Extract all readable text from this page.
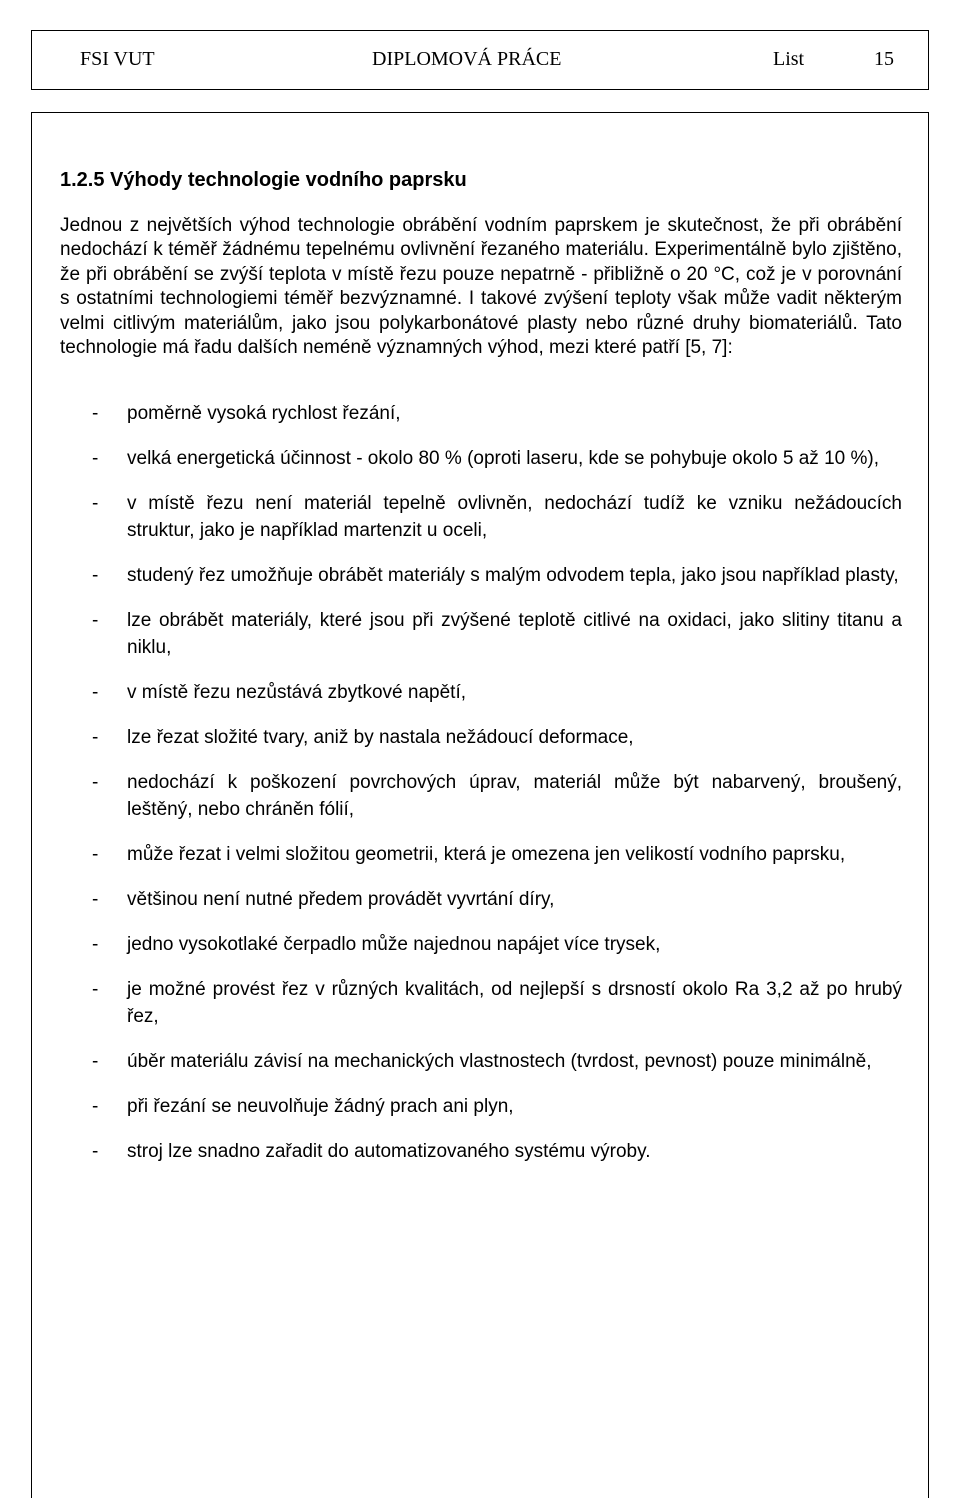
FSI VUT	DIPLOMOVÁ PRÁCE	List	15
1.2.5 Výhody technologie vodního paprsku

Jednou z největších výhod technologie obrábění vodním paprskem je skutečnost, že při obrábění nedochází k téměř žádnému tepelnému ovlivnění řezaného materiálu. Experimentálně bylo zjištěno, že při obrábění se zvýší teplota v místě řezu pouze nepatrně - přibližně o 20 °C, což je v porovnání s ostatními technologiemi téměř bezvýznamné. I takové zvýšení teploty však může vadit některým velmi citlivým materiálům, jako jsou polykarbonátové plasty nebo různé druhy biomateriálů. Tato technologie má řadu dalších neméně významných výhod, mezi které patří [5, 7]:

- poměrně vysoká rychlost řezání,
- velká energetická účinnost - okolo 80 % (oproti laseru, kde se pohybuje okolo 5 až 10 %),
- v místě řezu není materiál tepelně ovlivněn, nedochází tudíž ke vzniku nežádoucích struktur, jako je například martenzit u oceli,
- studený řez umožňuje obrábět materiály s malým odvodem tepla, jako jsou například plasty,
- lze obrábět materiály, které jsou při zvýšené teplotě citlivé na oxidaci, jako slitiny titanu a niklu,
- v místě řezu nezůstává zbytkové napětí,
- lze řezat složité tvary, aniž by nastala nežádoucí deformace,
- nedochází k poškození povrchových úprav, materiál může být nabarvený, broušený, leštěný, nebo chráněn fólií,
- může řezat i velmi složitou geometrii, která je omezena jen velikostí vodního paprsku,
- většinou není nutné předem provádět vyvrtání díry,
- jedno vysokotlaké čerpadlo může najednou napájet více trysek,
- je možné provést řez v různých kvalitách, od nejlepší s drsností okolo Ra 3,2 až po hrubý řez,
- úběr materiálu závisí na mechanických vlastnostech (tvrdost, pevnost) pouze minimálně,
- při řezání se neuvolňuje žádný prach ani plyn,
- stroj lze snadno zařadit do automatizovaného systému výroby.
